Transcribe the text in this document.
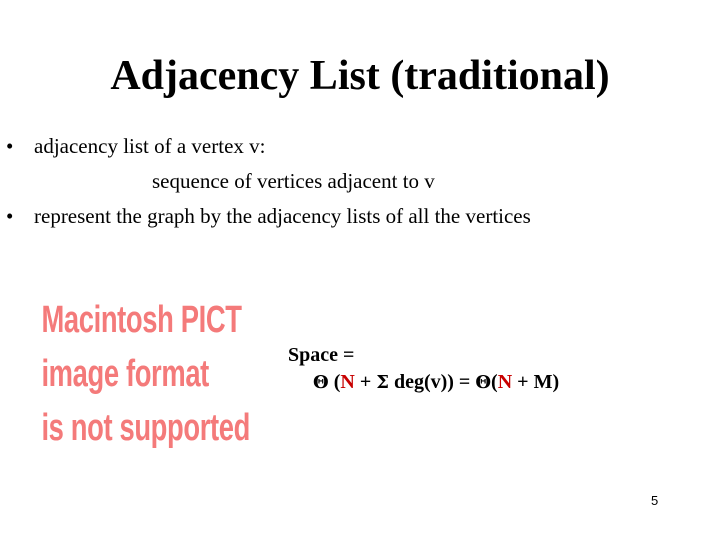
Adjacency List (traditional)
• adjacency list of a vertex v:
sequence of vertices adjacent to v
• represent the graph by the adjacency lists of all the vertices
Macintosh PICT
image format
is not supported
Space =
Θ (N + Σ deg(v)) = Θ(N + M)
5
